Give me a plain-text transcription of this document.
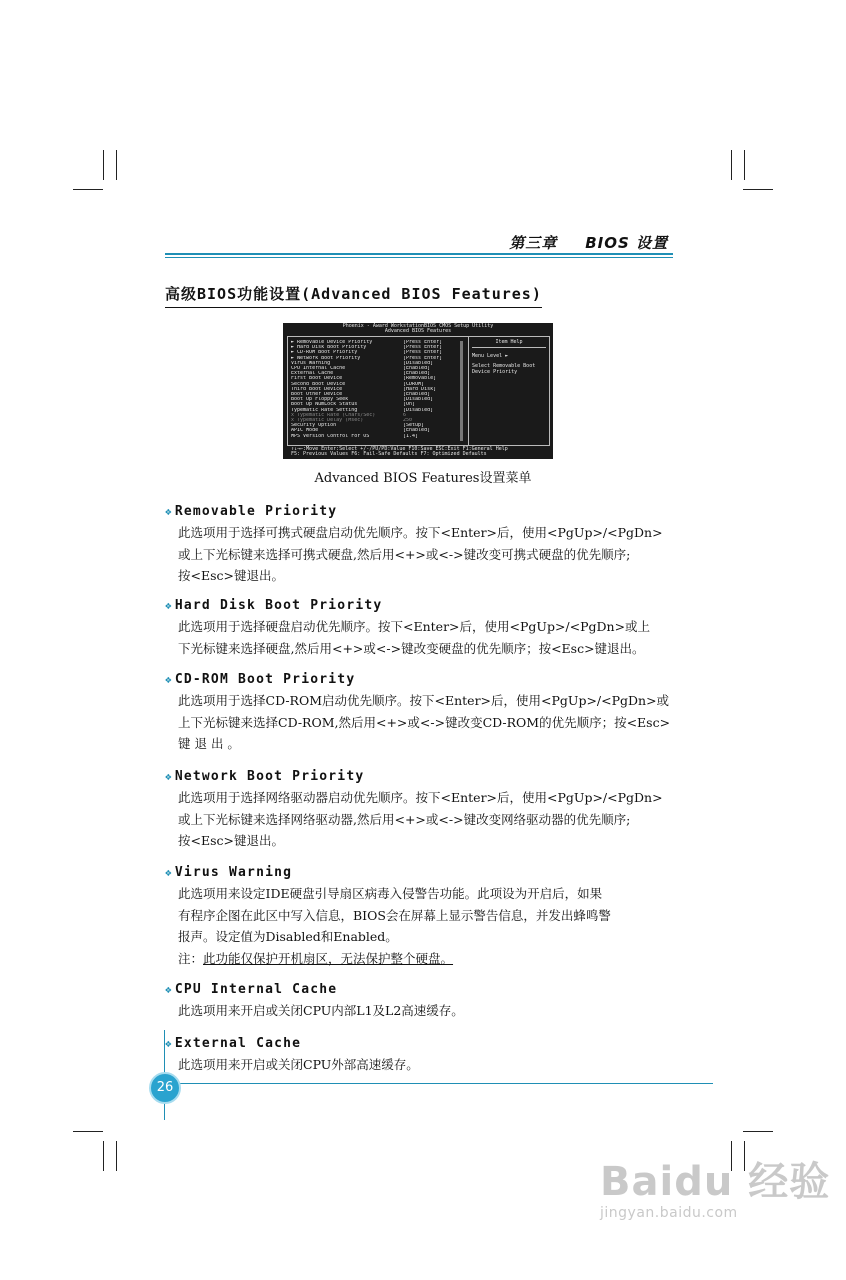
第三章 BIOS 设置
高级BIOS功能设置(Advanced BIOS Features)
Phoenix - Award WorkstationBIOS CMOS Setup Utility
Advanced BIOS Features
► Removable Device Priority	[Press Enter]
► Hard Disk Boot Priority	[Press Enter]
► CD-ROM Boot Priority	[Press Enter]
► Network Boot Priority	[Press Enter]
Virus Warning	[Disabled]
CPU Internal Cache	[Enabled]
External Cache	[Enabled]
First Boot Device	[Removable]
Second Boot Device	[CDROM]
Third Boot Device	[Hard Disk]
Boot Other Device	[Enabled]
Boot Up Floppy Seek	[Disabled]
Boot Up NumLock Status	[On]
Typematic Rate Setting	[Disabled]
x Typematic Rate (Chars/Sec)	6
x Typematic Delay (Msec)	250
Security Option	[Setup]
APIC Mode	[Enabled]
MPS Version Control For OS	[1.4]
Item Help
Menu Level ►
Select Removable Boot Device Priority
↑↓→←:Move Enter:Select +/-/PU/PD:Value F10:Save ESC:Exit F1:General Help
F5: Previous Values F6: Fail-Safe Defaults F7: Optimized Defaults
Advanced BIOS Features设置菜单
❖ Removable Priority
此选项用于选择可携式硬盘启动优先顺序。按下<Enter>后，使用<PgUp>/<PgDn>
或上下光标键来选择可携式硬盘,然后用<+>或<->键改变可携式硬盘的优先顺序;
按<Esc>键退出。
❖ Hard Disk Boot Priority
此选项用于选择硬盘启动优先顺序。按下<Enter>后，使用<PgUp>/<PgDn>或上
下光标键来选择硬盘,然后用<+>或<->键改变硬盘的优先顺序；按<Esc>键退出。
❖ CD-ROM Boot Priority
此选项用于选择CD-ROM启动优先顺序。按下<Enter>后，使用<PgUp>/<PgDn>或
上下光标键来选择CD-ROM,然后用<+>或<->键改变CD-ROM的优先顺序；按<Esc>
键 退 出 。
❖ Network Boot Priority
此选项用于选择网络驱动器启动优先顺序。按下<Enter>后，使用<PgUp>/<PgDn>
或上下光标键来选择网络驱动器,然后用<+>或<->键改变网络驱动器的优先顺序;
按<Esc>键退出。
❖ Virus Warning
此选项用来设定IDE硬盘引导扇区病毒入侵警告功能。此项设为开启后，如果
有程序企图在此区中写入信息，BIOS会在屏幕上显示警告信息，并发出蜂鸣警
报声。设定值为Disabled和Enabled。
注：此功能仅保护开机扇区，无法保护整个硬盘。
❖ CPU Internal Cache
此选项用来开启或关闭CPU内部L1及L2高速缓存。
❖ External Cache
此选项用来开启或关闭CPU外部高速缓存。
26
Baidu 经验
jingyan.baidu.com
